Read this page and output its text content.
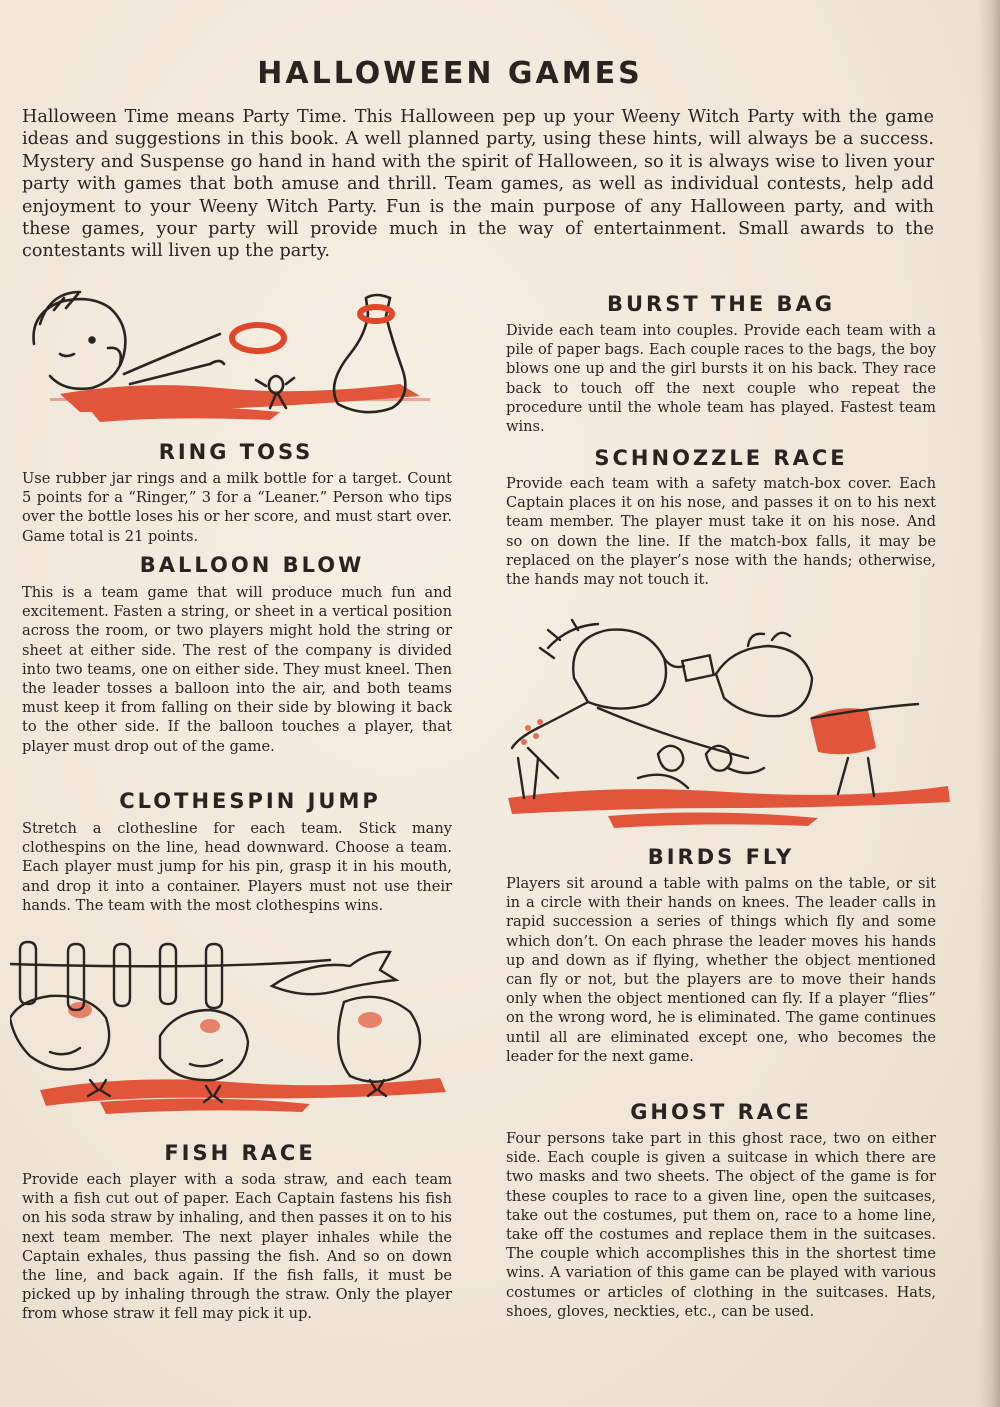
HALLOWEEN GAMES
Halloween Time means Party Time. This Halloween pep up your Weeny Witch Party with the game ideas and suggestions in this book. A well planned party, using these hints, will always be a success. Mystery and Suspense go hand in hand with the spirit of Halloween, so it is always wise to liven your party with games that both amuse and thrill. Team games, as well as individual contests, help add enjoyment to your Weeny Witch Party. Fun is the main purpose of any Halloween party, and with these games, your party will provide much in the way of entertainment. Small awards to the contestants will liven up the party.
RING TOSS
Use rubber jar rings and a milk bottle for a target. Count 5 points for a “Ringer,” 3 for a “Leaner.” Person who tips over the bottle loses his or her score, and must start over. Game total is 21 points.
BALLOON BLOW
This is a team game that will produce much fun and excitement. Fasten a string, or sheet in a vertical position across the room, or two players might hold the string or sheet at either side. The rest of the company is divided into two teams, one on either side. They must kneel. Then the leader tosses a balloon into the air, and both teams must keep it from falling on their side by blowing it back to the other side. If the balloon touches a player, that player must drop out of the game.
CLOTHESPIN JUMP
Stretch a clothesline for each team. Stick many clothespins on the line, head downward. Choose a team. Each player must jump for his pin, grasp it in his mouth, and drop it into a container. Players must not use their hands. The team with the most clothespins wins.
FISH RACE
Provide each player with a soda straw, and each team with a fish cut out of paper. Each Captain fastens his fish on his soda straw by inhaling, and then passes it on to his next team member. The next player inhales while the Captain exhales, thus passing the fish. And so on down the line, and back again. If the fish falls, it must be picked up by inhaling through the straw. Only the player from whose straw it fell may pick it up.
BURST THE BAG
Divide each team into couples. Provide each team with a pile of paper bags. Each couple races to the bags, the boy blows one up and the girl bursts it on his back. They race back to touch off the next couple who repeat the procedure until the whole team has played. Fastest team wins.
SCHNOZZLE RACE
Provide each team with a safety match-box cover. Each Captain places it on his nose, and passes it on to his next team member. The player must take it on his nose. And so on down the line. If the match-box falls, it may be replaced on the player’s nose with the hands; otherwise, the hands may not touch it.
BIRDS FLY
Players sit around a table with palms on the table, or sit in a circle with their hands on knees. The leader calls in rapid succession a series of things which fly and some which don’t. On each phrase the leader moves his hands up and down as if flying, whether the object mentioned can fly or not, but the players are to move their hands only when the object mentioned can fly. If a player “flies” on the wrong word, he is eliminated. The game continues until all are eliminated except one, who becomes the leader for the next game.
GHOST RACE
Four persons take part in this ghost race, two on either side. Each couple is given a suitcase in which there are two masks and two sheets. The object of the game is for these couples to race to a given line, open the suitcases, take out the costumes, put them on, race to a home line, take off the costumes and replace them in the suitcases. The couple which accomplishes this in the shortest time wins. A variation of this game can be played with various costumes or articles of clothing in the suitcases. Hats, shoes, gloves, neckties, etc., can be used.
